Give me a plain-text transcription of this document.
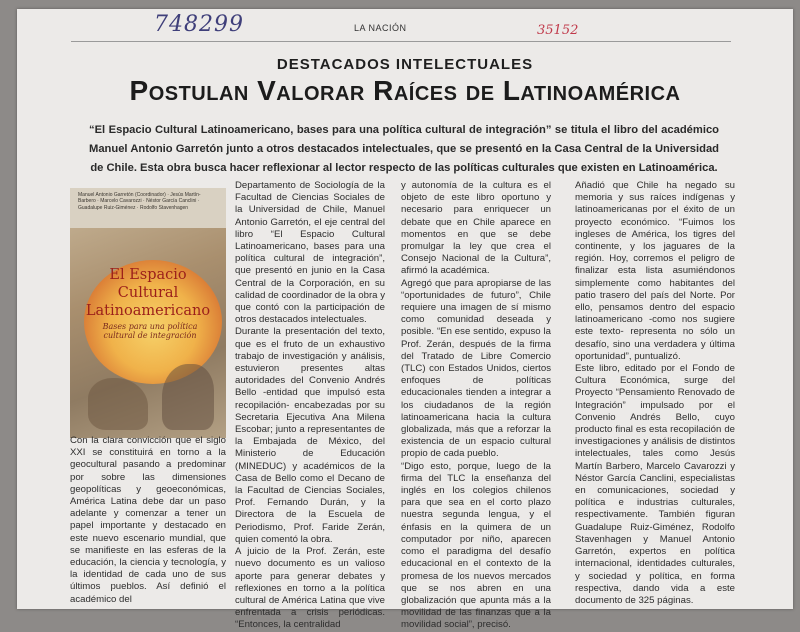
748299	LA NACIÓN	35152
DESTACADOS INTELECTUALES
Postulan Valorar Raíces de Latinoamérica
“El Espacio Cultural Latinoamericano, bases para una política cultural de integración” se titula el libro del académico Manuel Antonio Garretón junto a otros destacados intelectuales, que se presentó en la Casa Central de la Universidad de Chile. Esta obra busca hacer reflexionar al lector respecto de las políticas culturales que existen en Latinoamérica.
Manuel Antonio Garretón (Coordinador) · Jesús Martín-Barbero · Marcelo Cavarozzi · Néstor García Canclini · Guadalupe Ruiz-Giménez · Rodolfo Stavenhagen
El Espacio Cultural Latinoamericano
Bases para una política cultural de integración

Con la clara convicción que el siglo XXI se constituirá en torno a la geocultural pasando a predominar por sobre las dimensiones geopolíticas y geoeconómicas, América Latina debe dar un paso adelante y comenzar a tener un papel importante y destacado en este nuevo escenario mundial, que se manifieste en las esferas de la educación, la ciencia y tecnología, y la identidad de cada uno de sus últimos pueblos. Así definió el académico del

Departamento de Sociología de la Facultad de Ciencias Sociales de la Universidad de Chile, Manuel Antonio Garretón, el eje central del libro “El Espacio Cultural Latinoamericano, bases para una política cultural de integración”, que presentó en junio en la Casa Central de la Corporación, en su calidad de coordinador de la obra y que contó con la participación de otros destacados intelectuales.

Durante la presentación del texto, que es el fruto de un exhaustivo trabajo de investigación y análisis, estuvieron presentes altas autoridades del Convenio Andrés Bello -entidad que impulsó esta recopilación- encabezadas por su Secretaria Ejecutiva Ana Milena Escobar; junto a representantes de la Embajada de México, del Ministerio de Educación (MINEDUC) y académicos de la Casa de Bello como el Decano de la Facultad de Ciencias Sociales, Prof. Fernando Durán, y la Directora de la Escuela de Periodismo, Prof. Faride Zerán, quien comentó la obra.

A juicio de la Prof. Zerán, este nuevo documento es un valioso aporte para generar debates y reflexiones en torno a la política cultural de América Latina que vive enfrentada a crisis periódicas. “Entonces, la centralidad

y autonomía de la cultura es el objeto de este libro oportuno y necesario para enriquecer un debate que en Chile aparece en momentos en que se debe promulgar la ley que crea el Consejo Nacional de la Cultura”, afirmó la académica.

Agregó que para apropiarse de las “oportunidades de futuro”, Chile requiere una imagen de sí mismo como comunidad deseada y posible. “En ese sentido, expuso la Prof. Zerán, después de la firma del Tratado de Libre Comercio (TLC) con Estados Unidos, ciertos enfoques de políticas educacionales tienden a integrar a los ciudadanos de la región latinoamericana hacia la cultura globalizada, más que a reforzar la existencia de un espacio cultural propio de cada pueblo.

“Digo esto, porque, luego de la firma del TLC la enseñanza del inglés en los colegios chilenos para que sea en el corto plazo nuestra segunda lengua, y el énfasis en la quimera de un computador por niño, aparecen como el paradigma del desafío educacional en el contexto de la promesa de los nuevos mercados que se nos abren en una globalización que apunta más a la movilidad de las finanzas que a la movilidad social”, precisó.

Añadió que Chile ha negado su memoria y sus raíces indígenas y latinoamericanas por el éxito de un proyecto económico. “Fuimos los ingleses de América, los tigres del continente, y los jaguares de la región. Hoy, corremos el peligro de finalizar esta lista asumiéndonos simplemente como habitantes del patio trasero del país del Norte. Por ello, pensamos dentro del espacio latinoamericano -como nos sugiere este texto- representa no sólo un desafío, sino una verdadera y última oportunidad”, puntualizó.

Este libro, editado por el Fondo de Cultura Económica, surge del Proyecto “Pensamiento Renovado de Integración” impulsado por el Convenio Andrés Bello, cuyo producto final es esta recopilación de investigaciones y análisis de distintos intelectuales, tales como Jesús Martín Barbero, Marcelo Cavarozzi y Néstor García Canclini, especialistas en comunicaciones, sociedad y política e industrias culturales, respectivamente. También figuran Guadalupe Ruiz-Giménez, Rodolfo Stavenhagen y Manuel Antonio Garretón, expertos en política internacional, identidades culturales, y sociedad y política, en forma respectiva, dando vida a este documento de 325 páginas.
